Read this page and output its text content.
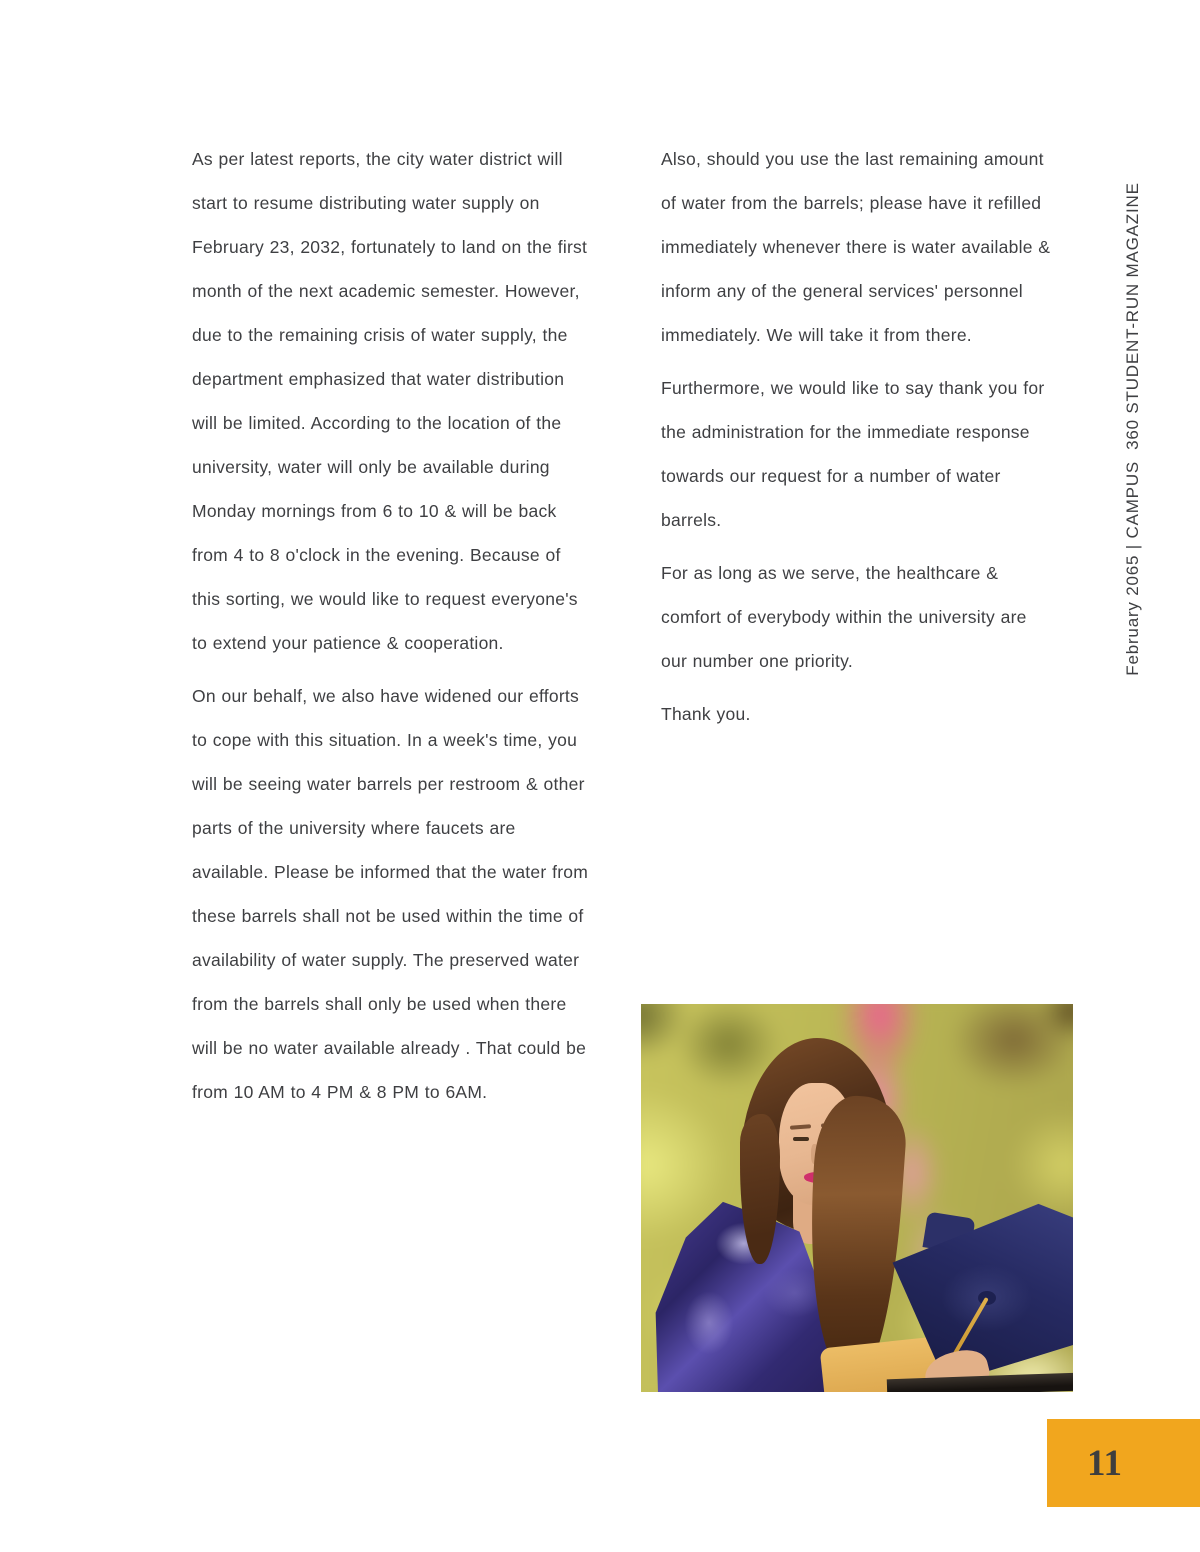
As per latest reports, the city water district will start to resume distributing water supply on February 23, 2032, fortunately to land on the first month of the next academic semester. However, due to the remaining crisis of water supply, the department emphasized that water distribution will be limited. According to the location of the university, water will only be available during Monday mornings from 6 to 10 & will be back from 4 to 8 o'clock in the evening. Because of this sorting, we would like to request everyone's to extend your patience & cooperation.

On our behalf, we also have widened our efforts to cope with this situation. In a week's time, you will be seeing water barrels per restroom & other parts of the university where faucets are available. Please be informed that the water from these barrels shall not be used within the time of availability of water supply. The preserved water from the barrels shall only be used when there will be no water available already . That could be from 10 AM to 4 PM & 8 PM to 6AM.

Also, should you use the last remaining amount of water from the barrels; please have it refilled immediately whenever there is water available & inform any of the general services' personnel immediately. We will take it from there.

Furthermore, we would like to say thank you for the administration for the immediate response towards our request for a number of water barrels.

For as long as we serve, the healthcare & comfort of everybody within the university are our number one priority.

Thank you.

February 2065 | CAMPUS  360 STUDENT-RUN MAGAZINE
11
